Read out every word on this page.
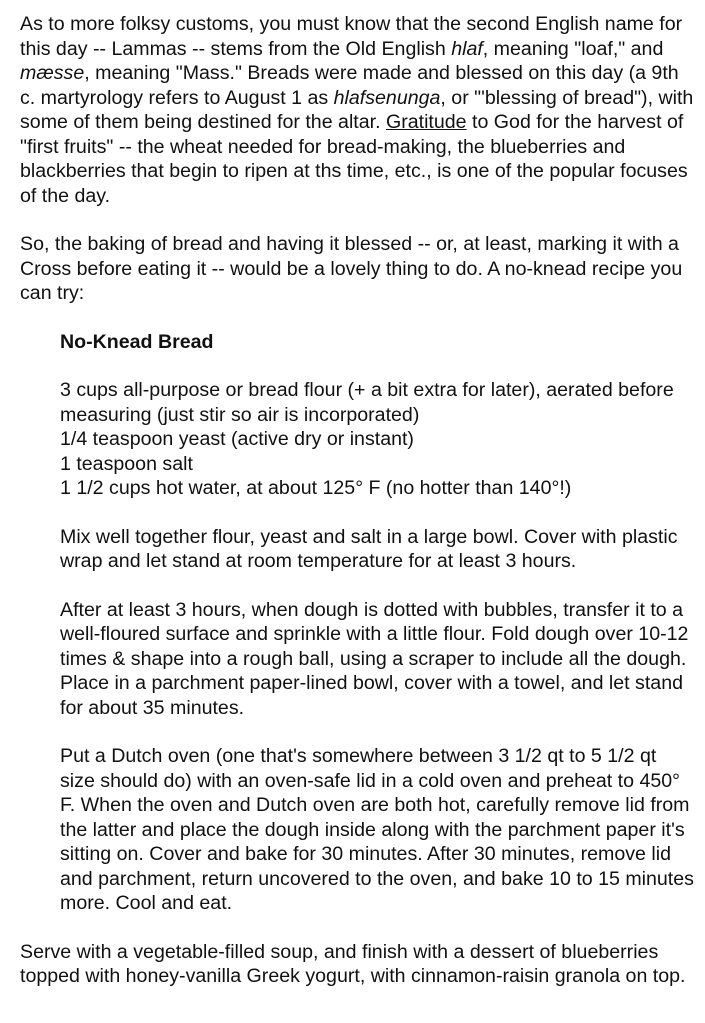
As to more folksy customs, you must know that the second English name for this day -- Lammas -- stems from the Old English hlaf, meaning "loaf," and mæsse, meaning "Mass." Breads were made and blessed on this day (a 9th c. martyrology refers to August 1 as hlafsenunga, or "'blessing of bread"), with some of them being destined for the altar. Gratitude to God for the harvest of "first fruits" -- the wheat needed for bread-making, the blueberries and blackberries that begin to ripen at ths time, etc., is one of the popular focuses of the day.

So, the baking of bread and having it blessed -- or, at least, marking it with a Cross before eating it -- would be a lovely thing to do. A no-knead recipe you can try:

No-Knead Bread

3 cups all-purpose or bread flour (+ a bit extra for later), aerated before measuring (just stir so air is incorporated)
1/4 teaspoon yeast (active dry or instant)
1 teaspoon salt
1 1/2 cups hot water, at about 125° F (no hotter than 140°!)

Mix well together flour, yeast and salt in a large bowl. Cover with plastic wrap and let stand at room temperature for at least 3 hours.

After at least 3 hours, when dough is dotted with bubbles, transfer it to a well-floured surface and sprinkle with a little flour. Fold dough over 10-12 times & shape into a rough ball, using a scraper to include all the dough. Place in a parchment paper-lined bowl, cover with a towel, and let stand for about 35 minutes.

Put a Dutch oven (one that's somewhere between 3 1/2 qt to 5 1/2 qt size should do) with an oven-safe lid in a cold oven and preheat to 450° F. When the oven and Dutch oven are both hot, carefully remove lid from the latter and place the dough inside along with the parchment paper it's sitting on. Cover and bake for 30 minutes. After 30 minutes, remove lid and parchment, return uncovered to the oven, and bake 10 to 15 minutes more. Cool and eat.

Serve with a vegetable-filled soup, and finish with a dessert of blueberries topped with honey-vanilla Greek yogurt, with cinnamon-raisin granola on top.
